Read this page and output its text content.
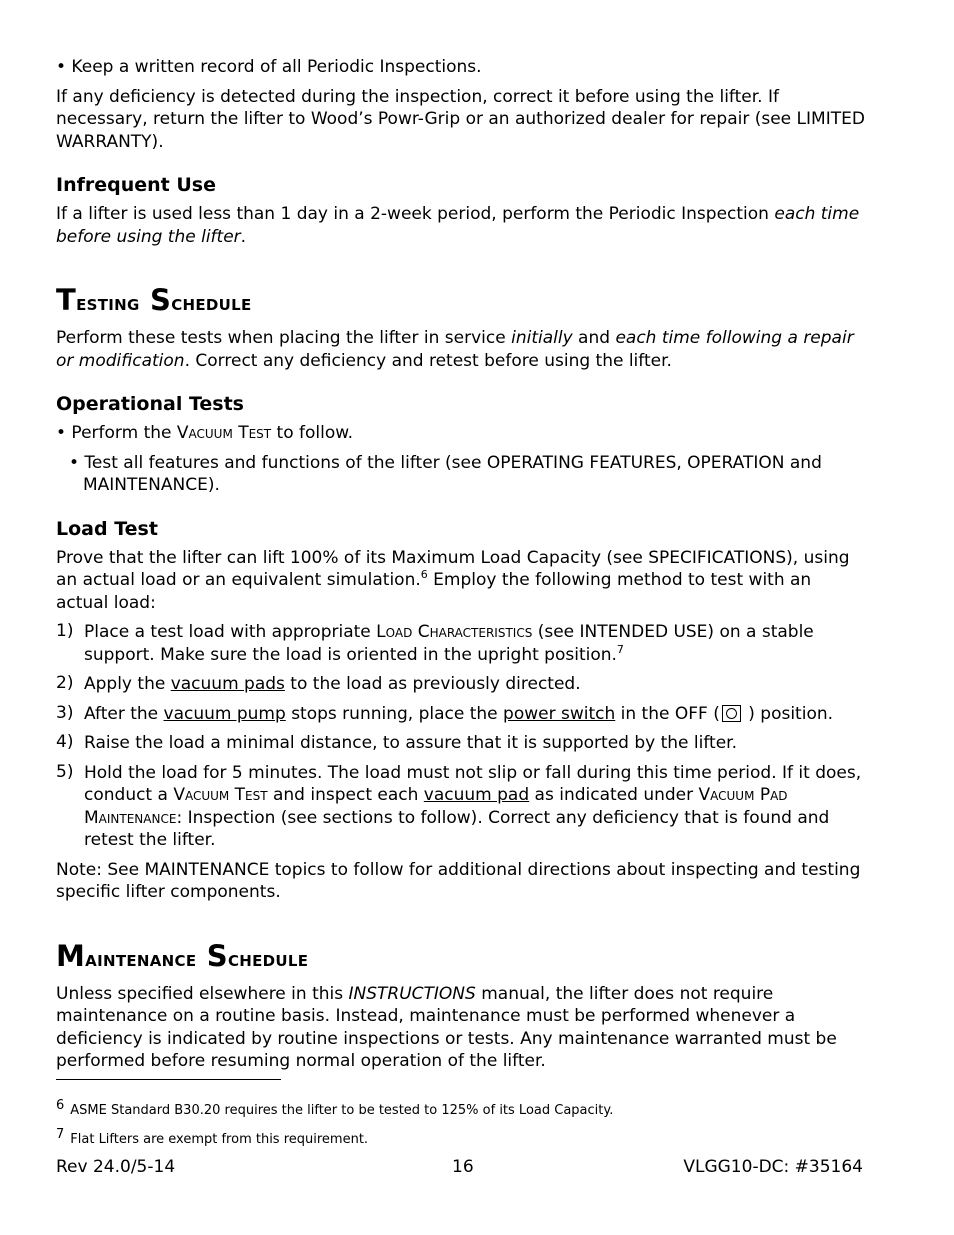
• Keep a written record of all Periodic Inspections.

If any deficiency is detected during the inspection, correct it before using the lifter. If necessary, return the lifter to Wood’s Powr-Grip or an authorized dealer for repair (see LIMITED WARRANTY).

Infrequent Use

If a lifter is used less than 1 day in a 2-week period, perform the Periodic Inspection each time before using the lifter.

Testing Schedule

Perform these tests when placing the lifter in service initially and each time following a repair or modification. Correct any deficiency and retest before using the lifter.

Operational Tests

• Perform the Vacuum Test to follow.

• Test all features and functions of the lifter (see OPERATING FEATURES, OPERATION and MAINTENANCE).

Load Test

Prove that the lifter can lift 100% of its Maximum Load Capacity (see SPECIFICATIONS), using an actual load or an equivalent simulation.$^6$ Employ the following method to test with an actual load:

1) Place a test load with appropriate Load Characteristics (see INTENDED USE) on a stable support. Make sure the load is oriented in the upright position.$^7$

2) Apply the vacuum pads to the load as previously directed.

3) After the vacuum pump stops running, place the power switch in the OFF ( ) position.

4) Raise the load a minimal distance, to assure that it is supported by the lifter.

5) Hold the load for 5 minutes. The load must not slip or fall during this time period. If it does, conduct a Vacuum Test and inspect each vacuum pad as indicated under Vacuum Pad Maintenance: Inspection (see sections to follow). Correct any deficiency that is found and retest the lifter.

Note: See MAINTENANCE topics to follow for additional directions about inspecting and testing specific lifter components.

Maintenance Schedule

Unless specified elsewhere in this INSTRUCTIONS manual, the lifter does not require maintenance on a routine basis. Instead, maintenance must be performed whenever a deficiency is indicated by routine inspections or tests. Any maintenance warranted must be performed before resuming normal operation of the lifter.

6 ASME Standard B30.20 requires the lifter to be tested to 125% of its Load Capacity.
7 Flat Lifters are exempt from this requirement.
Rev 24.0/5-14	16	VLGG10-DC: #35164
